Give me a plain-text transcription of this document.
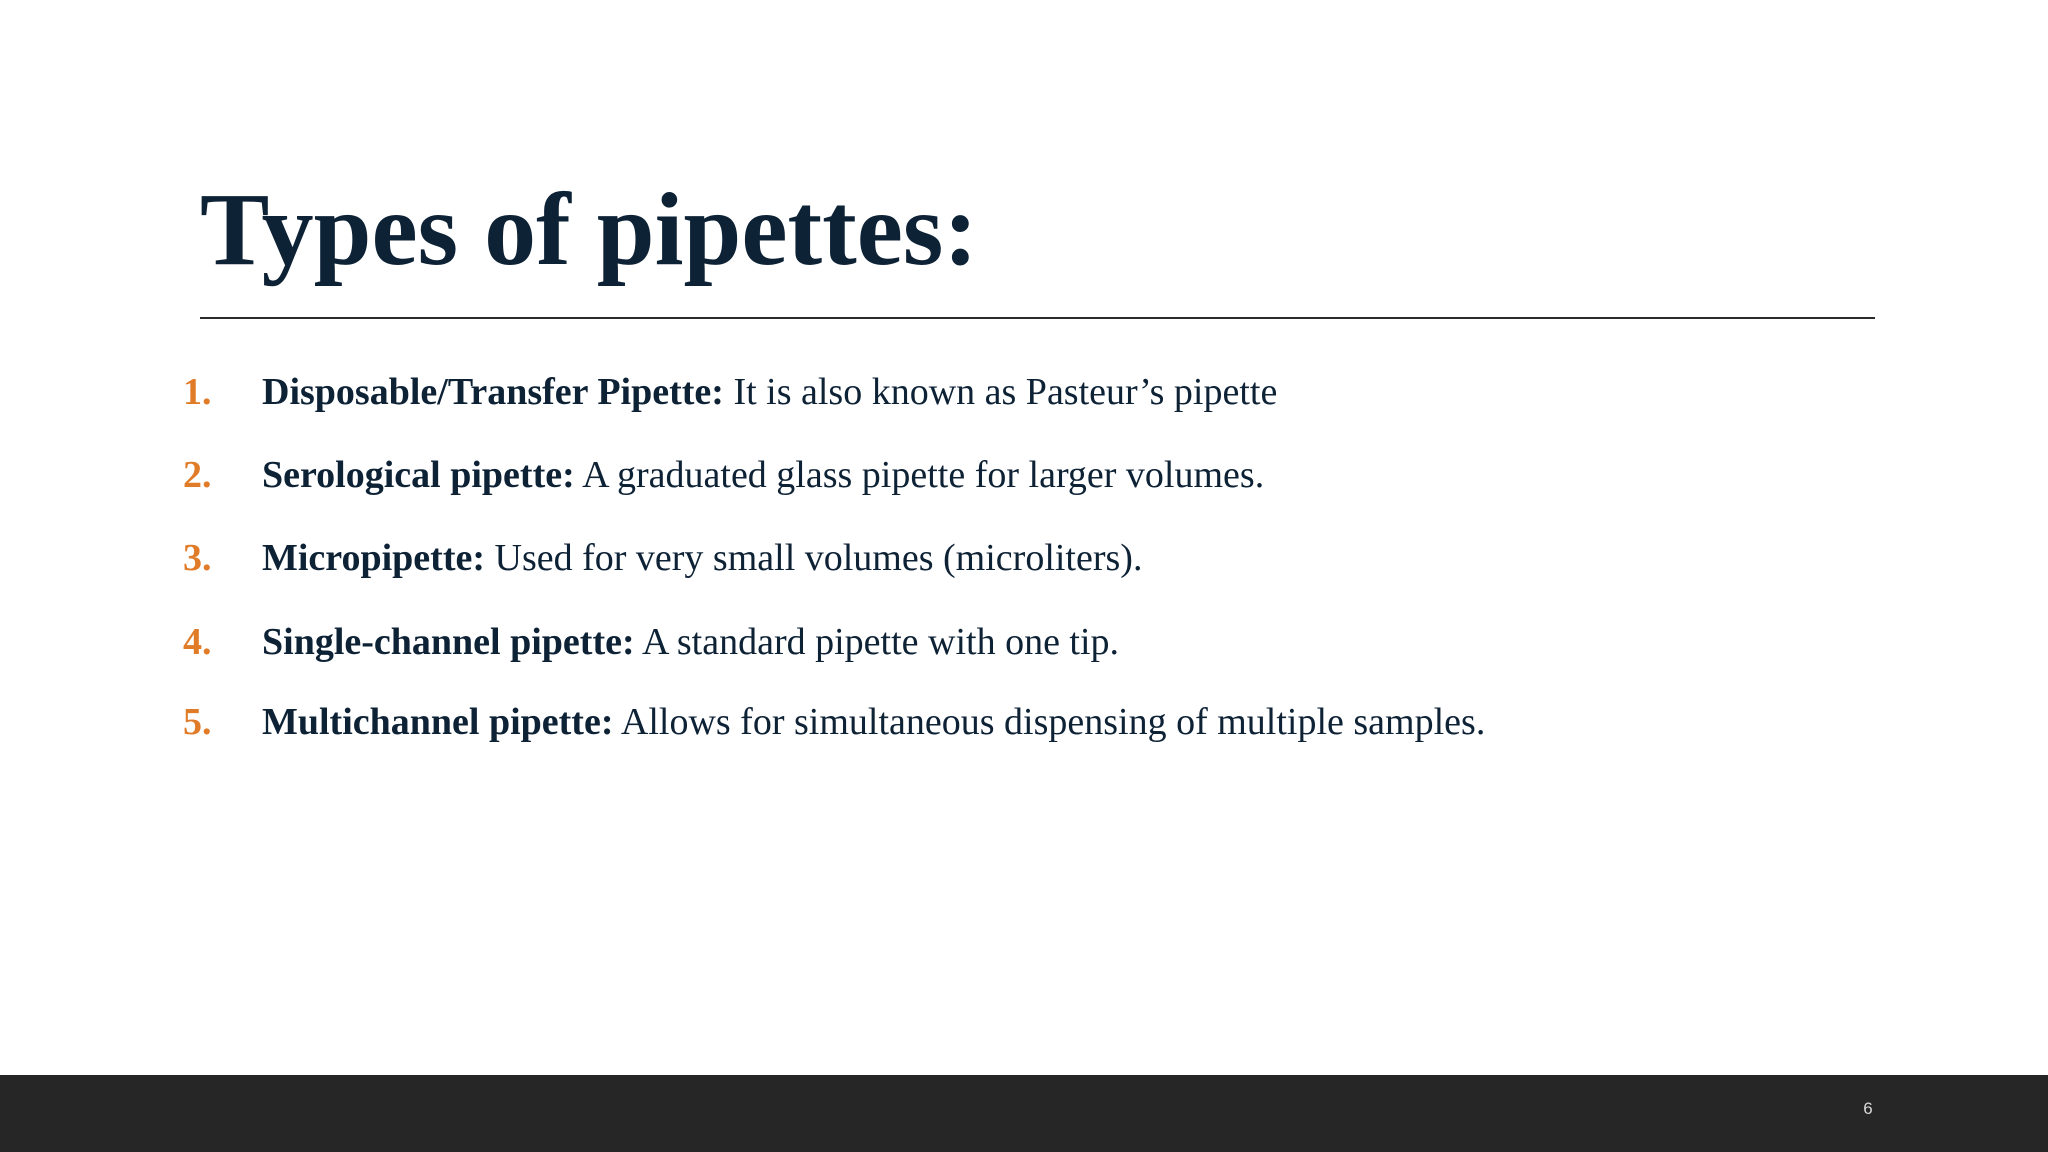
Types of pipettes:
1. Disposable/Transfer Pipette: It is also known as Pasteur’s pipette
2. Serological pipette: A graduated glass pipette for larger volumes.
3. Micropipette: Used for very small volumes (microliters).
4. Single-channel pipette: A standard pipette with one tip.
5. Multichannel pipette: Allows for simultaneous dispensing of multiple samples.
6
